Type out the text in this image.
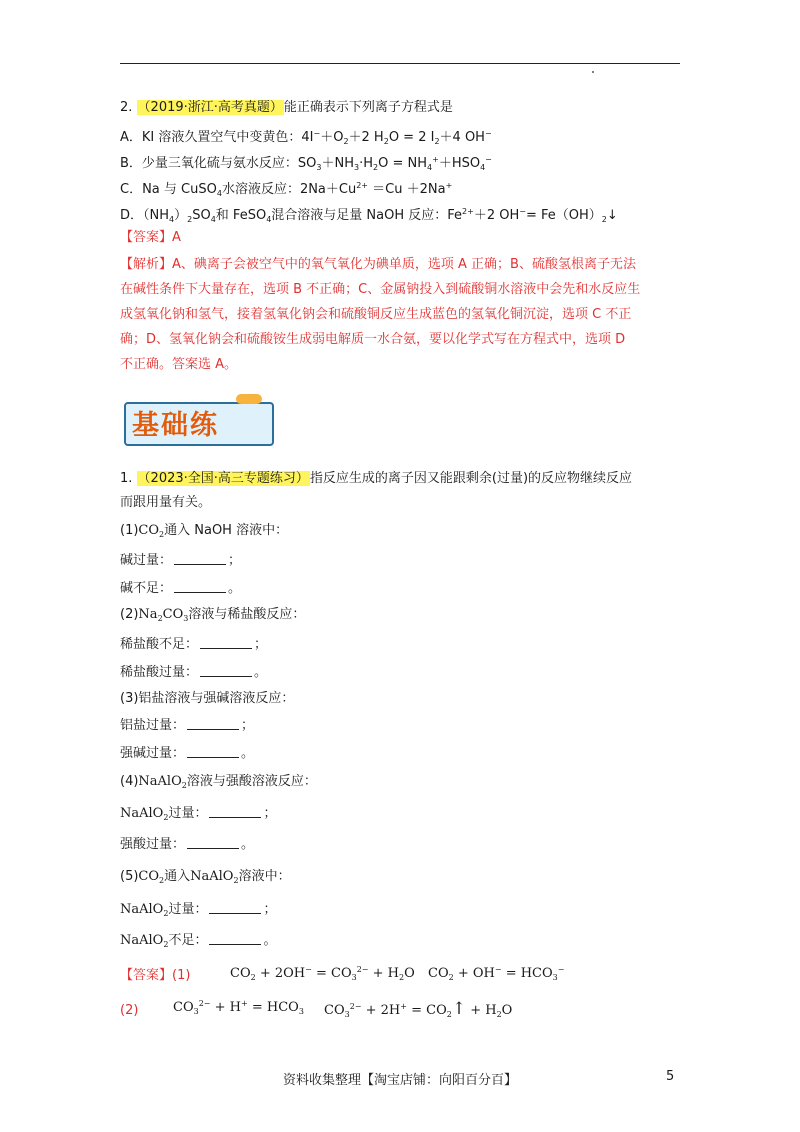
2. （2019·浙江·高考真题）能正确表示下列离子方程式是
A．KI 溶液久置空气中变黄色：$4I^-+O_2+2$ $H_2O = 2$ $I_2+4$ OH−
B．少量三氧化硫与氨水反应：$SO_3+NH_3\cdot H_2O = NH_4^++HSO_4^-$
C．Na 与 CuSO$_4$水溶液反应：$2Na+Cu^{2+} =Cu +2Na^+$
D．$(NH_4)_2SO_4$和 FeSO$_4$混合溶液与足量 NaOH 反应：$Fe^{2+}+2$ $OH^-= Fe(OH)_2↓$
【答案】A
【解析】A、碘离子会被空气中的氧气氧化为碘单质，选项 A 正确；B、硫酸氢根离子无法
在碱性条件下大量存在，选项 B 不正确；C、金属钠投入到硫酸铜水溶液中会先和水反应生
成氢氧化钠和氢气，接着氢氧化钠会和硫酸铜反应生成蓝色的氢氧化铜沉淀，选项 C 不正
确；D、氢氧化钠会和硫酸铵生成弱电解质一水合氨，要以化学式写在方程式中，选项 D
不正确。答案选 A。
基础练
1. （2023·全国·高三专题练习）指反应生成的离子因又能跟剩余(过量)的反应物继续反应
而跟用量有关。
$(1)CO_2$通入 NaOH 溶液中：
碱过量：	；
碱不足：	。
$(2)Na_2CO_3$溶液与稀盐酸反应：
稀盐酸不足：	；
稀盐酸过量：	。
(3)铝盐溶液与强碱溶液反应：
铝盐过量：	；
强碱过量：	。
(4)NaAlO$_2$溶液与强酸溶液反应：
NaAlO$_2$过量：	；
强酸过量：	。
$(5)CO_2$通入NaAlO$_2$溶液中：
NaAlO$_2$过量：	；
NaAlO$_2$不足：	。
【答案】(1)	$CO_2 + 2OH^- = CO_3^{2-} + H_2O$ $CO_2 + OH^- = HCO_3^-$
(2)	$CO_3^{2-} + H^+ = HCO_3$ $CO_3^{2-} + 2H^+$ = $CO_2↑ + H_2O$
资料收集整理【淘宝店铺：向阳百分百】	5
